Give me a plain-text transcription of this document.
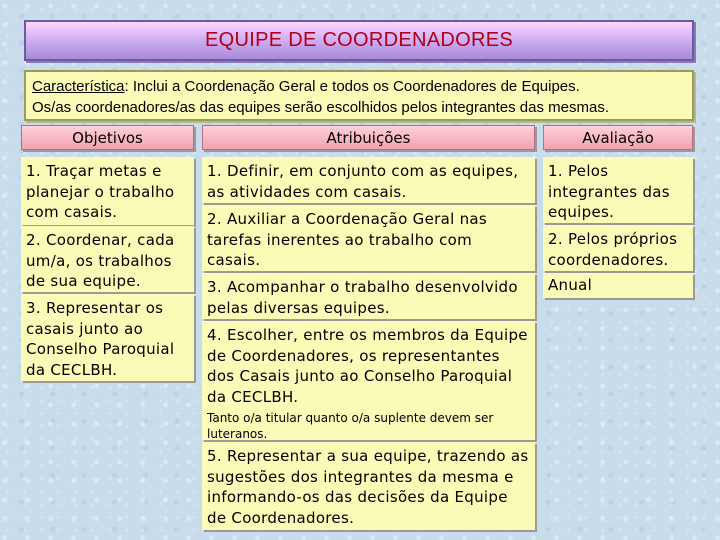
EQUIPE DE COORDENADORES
Característica: Inclui a Coordenação Geral e todos os Coordenadores de Equipes.
Os/as coordenadores/as das equipes serão escolhidos pelos integrantes das mesmas.
Objetivos	Atribuições	Avaliação
1. Traçar metas e planejar o trabalho com casais.
2. Coordenar, cada um/a, os trabalhos de sua equipe.
3. Representar os casais junto ao Conselho Paroquial da CECLBH.
1. Definir, em conjunto com as equipes, as atividades com casais.
2. Auxiliar a Coordenação Geral nas tarefas inerentes ao trabalho com casais.
3. Acompanhar o trabalho desenvolvido pelas diversas equipes.
4. Escolher, entre os membros da Equipe de Coordenadores, os representantes dos Casais junto ao Conselho Paroquial da CECLBH.
Tanto o/a titular quanto o/a suplente devem ser luteranos.
5. Representar a sua equipe, trazendo as sugestões dos integrantes da mesma e informando-os das decisões da Equipe de Coordenadores.
1. Pelos integrantes das equipes.
2. Pelos próprios coordenadores.
Anual
